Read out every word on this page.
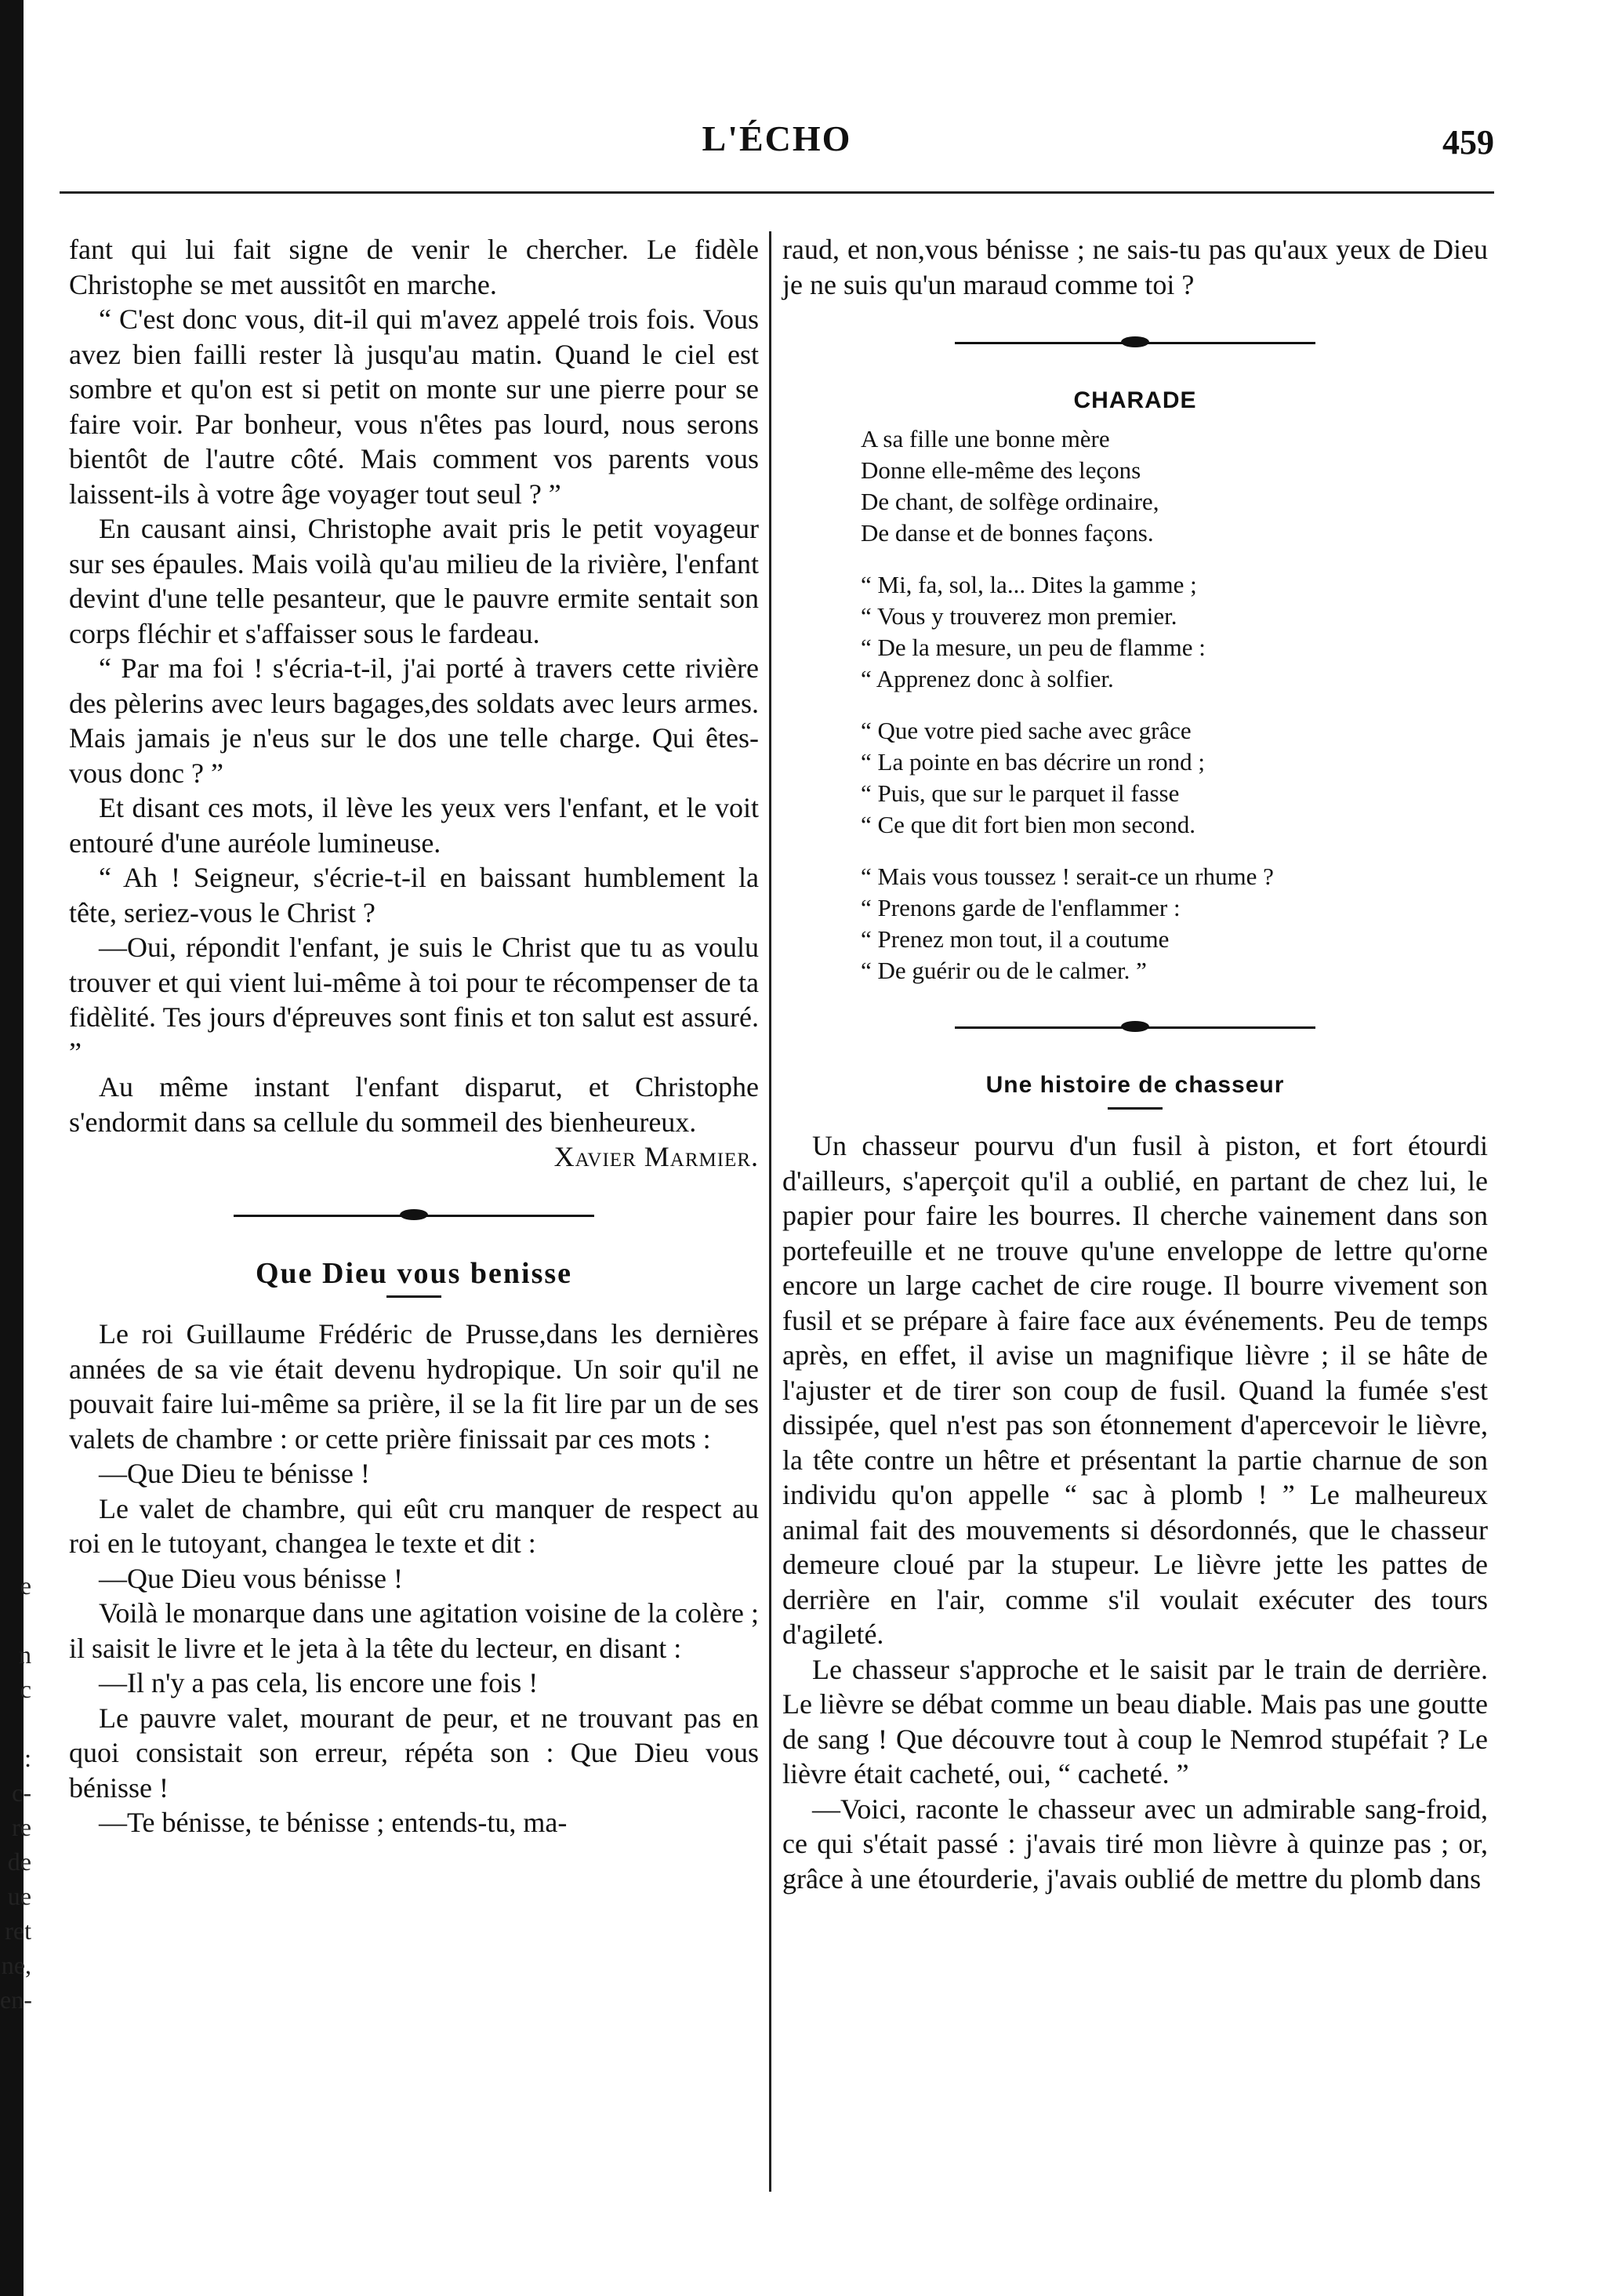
e

n
c

:
c-
re
de
ue
ret
ne,
en-
L'ÉCHO	459

fant qui lui fait signe de venir le chercher. Le fidèle Christophe se met aussitôt en marche.

“ C'est donc vous, dit-il qui m'avez appelé trois fois. Vous avez bien failli rester là jusqu'au matin. Quand le ciel est sombre et qu'on est si petit on monte sur une pierre pour se faire voir. Par bonheur, vous n'êtes pas lourd, nous serons bientôt de l'autre côté. Mais comment vos parents vous laissent-ils à votre âge voyager tout seul ? ”

En causant ainsi, Christophe avait pris le petit voyageur sur ses épaules. Mais voilà qu'au milieu de la rivière, l'enfant devint d'une telle pesanteur, que le pauvre ermite sentait son corps fléchir et s'affaisser sous le fardeau.

“ Par ma foi ! s'écria-t-il, j'ai porté à travers cette rivière des pèlerins avec leurs bagages,des soldats avec leurs armes. Mais jamais je n'eus sur le dos une telle charge. Qui êtes-vous donc ? ”

Et disant ces mots, il lève les yeux vers l'enfant, et le voit entouré d'une auréole lumineuse.

“ Ah ! Seigneur, s'écrie-t-il en baissant humblement la tête, seriez-vous le Christ ?

—Oui, répondit l'enfant, je suis le Christ que tu as voulu trouver et qui vient lui-même à toi pour te récompenser de ta fidèlité. Tes jours d'épreuves sont finis et ton salut est assuré. ”

Au même instant l'enfant disparut, et Christophe s'endormit dans sa cellule du sommeil des bienheureux.

Xavier Marmier.

Que Dieu vous benisse

Le roi Guillaume Frédéric de Prusse,dans les dernières années de sa vie était devenu hydropique. Un soir qu'il ne pouvait faire lui-même sa prière, il se la fit lire par un de ses valets de chambre : or cette prière finissait par ces mots :

—Que Dieu te bénisse !

Le valet de chambre, qui eût cru manquer de respect au roi en le tutoyant, changea le texte et dit :

—Que Dieu vous bénisse !

Voilà le monarque dans une agitation voisine de la colère ; il saisit le livre et le jeta à la tête du lecteur, en disant :

—Il n'y a pas cela, lis encore une fois !

Le pauvre valet, mourant de peur, et ne trouvant pas en quoi consistait son erreur, répéta son : Que Dieu vous bénisse !

—Te bénisse, te bénisse ; entends-tu, ma-

raud, et non,vous bénisse ; ne sais-tu pas qu'aux yeux de Dieu je ne suis qu'un maraud comme toi ?

CHARADE
A sa fille une bonne mère
Donne elle-même des leçons
De chant, de solfège ordinaire,
De danse et de bonnes façons.
“ Mi, fa, sol, la... Dites la gamme ;
“ Vous y trouverez mon premier.
“ De la mesure, un peu de flamme :
“ Apprenez donc à solfier.
“ Que votre pied sache avec grâce
“ La pointe en bas décrire un rond ;
“ Puis, que sur le parquet il fasse
“ Ce que dit fort bien mon second.
“ Mais vous toussez ! serait-ce un rhume ?
“ Prenons garde de l'enflammer :
“ Prenez mon tout, il a coutume
“ De guérir ou de le calmer. ”
Une histoire de chasseur

Un chasseur pourvu d'un fusil à piston, et fort étourdi d'ailleurs, s'aperçoit qu'il a oublié, en partant de chez lui, le papier pour faire les bourres. Il cherche vainement dans son portefeuille et ne trouve qu'une enveloppe de lettre qu'orne encore un large cachet de cire rouge. Il bourre vivement son fusil et se prépare à faire face aux événements. Peu de temps après, en effet, il avise un magnifique lièvre ; il se hâte de l'ajuster et de tirer son coup de fusil. Quand la fumée s'est dissipée, quel n'est pas son étonnement d'apercevoir le lièvre, la tête contre un hêtre et présentant la partie charnue de son individu qu'on appelle “ sac à plomb ! ” Le malheureux animal fait des mouvements si désordonnés, que le chasseur demeure cloué par la stupeur. Le lièvre jette les pattes de derrière en l'air, comme s'il voulait exécuter des tours d'agileté.

Le chasseur s'approche et le saisit par le train de derrière. Le lièvre se débat comme un beau diable. Mais pas une goutte de sang ! Que découvre tout à coup le Nemrod stupéfait ? Le lièvre était cacheté, oui, “ cacheté. ”

—Voici, raconte le chasseur avec un admirable sang-froid, ce qui s'était passé : j'avais tiré mon lièvre à quinze pas ; or, grâce à une étourderie, j'avais oublié de mettre du plomb dans
